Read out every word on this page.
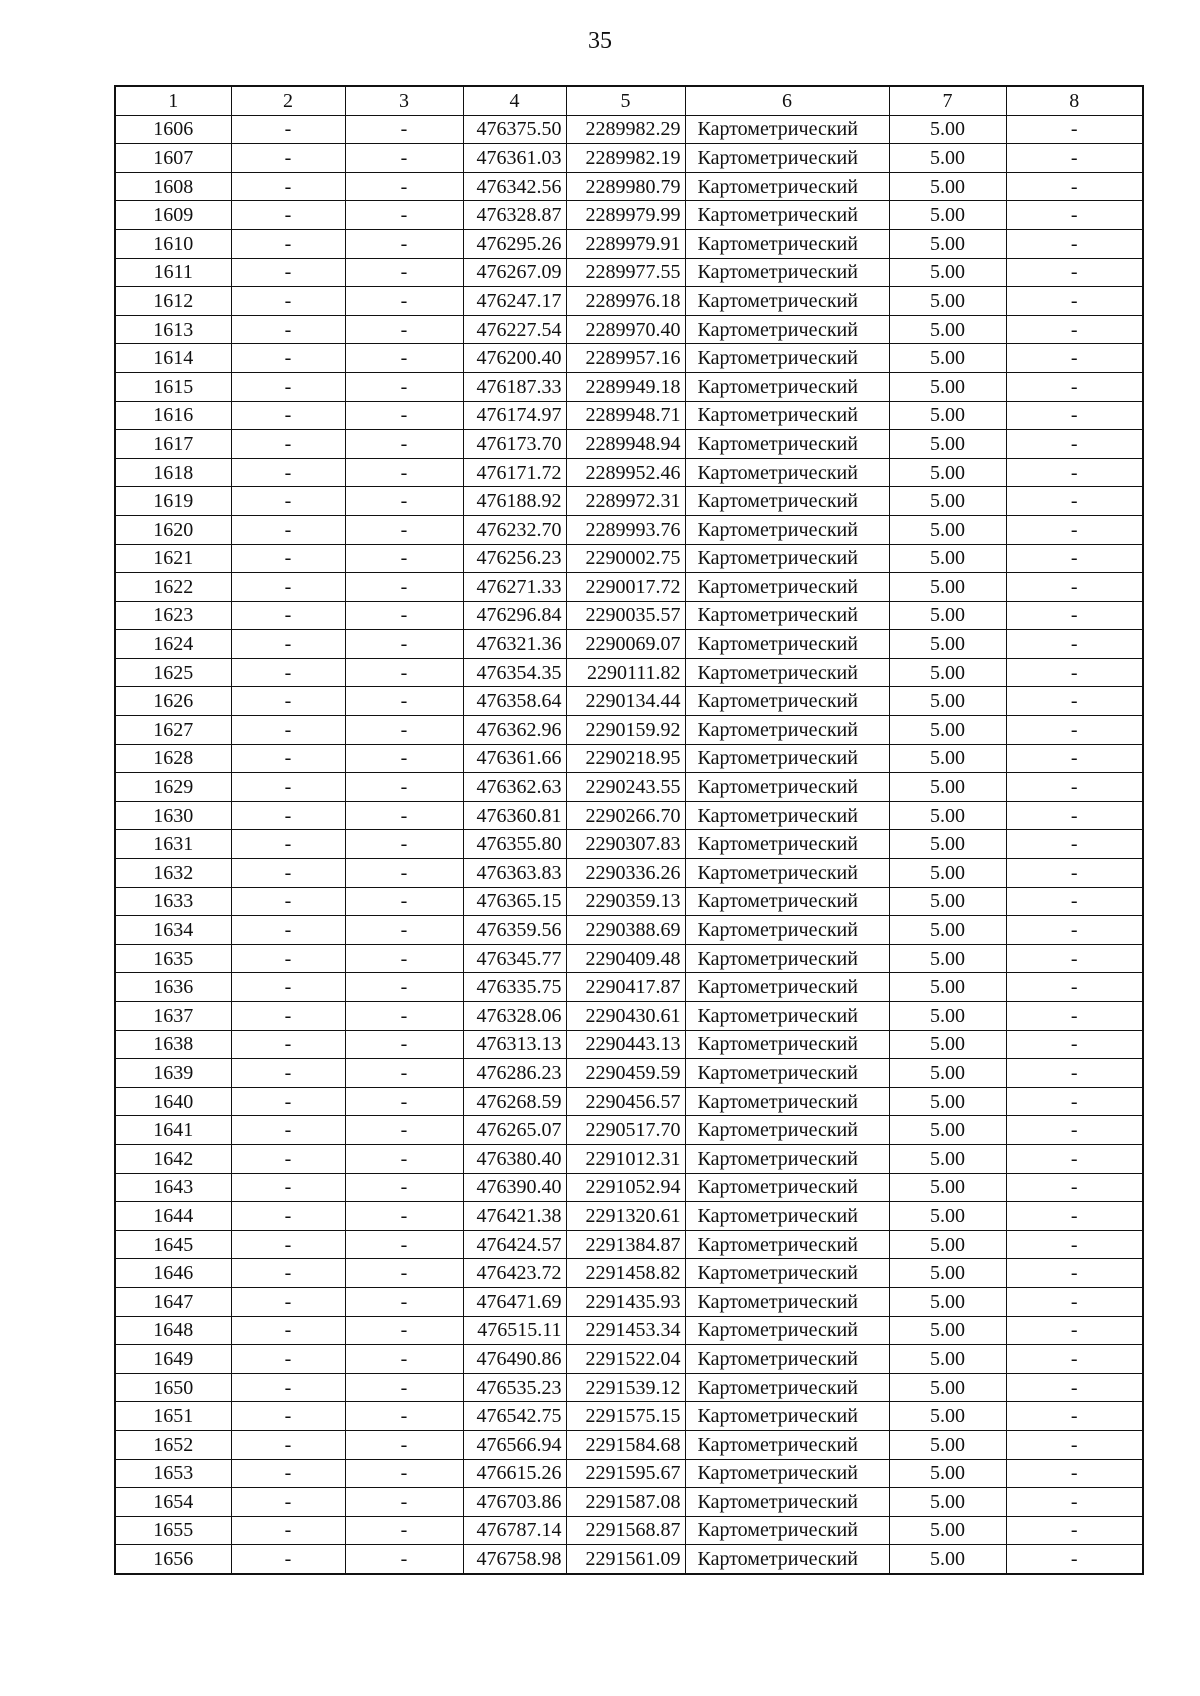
35
1	2	3	4	5	6	7	8
1606	-	-	476375.50	2289982.29	Картометрический	5.00	-
1607	-	-	476361.03	2289982.19	Картометрический	5.00	-
1608	-	-	476342.56	2289980.79	Картометрический	5.00	-
1609	-	-	476328.87	2289979.99	Картометрический	5.00	-
1610	-	-	476295.26	2289979.91	Картометрический	5.00	-
1611	-	-	476267.09	2289977.55	Картометрический	5.00	-
1612	-	-	476247.17	2289976.18	Картометрический	5.00	-
1613	-	-	476227.54	2289970.40	Картометрический	5.00	-
1614	-	-	476200.40	2289957.16	Картометрический	5.00	-
1615	-	-	476187.33	2289949.18	Картометрический	5.00	-
1616	-	-	476174.97	2289948.71	Картометрический	5.00	-
1617	-	-	476173.70	2289948.94	Картометрический	5.00	-
1618	-	-	476171.72	2289952.46	Картометрический	5.00	-
1619	-	-	476188.92	2289972.31	Картометрический	5.00	-
1620	-	-	476232.70	2289993.76	Картометрический	5.00	-
1621	-	-	476256.23	2290002.75	Картометрический	5.00	-
1622	-	-	476271.33	2290017.72	Картометрический	5.00	-
1623	-	-	476296.84	2290035.57	Картометрический	5.00	-
1624	-	-	476321.36	2290069.07	Картометрический	5.00	-
1625	-	-	476354.35	2290111.82	Картометрический	5.00	-
1626	-	-	476358.64	2290134.44	Картометрический	5.00	-
1627	-	-	476362.96	2290159.92	Картометрический	5.00	-
1628	-	-	476361.66	2290218.95	Картометрический	5.00	-
1629	-	-	476362.63	2290243.55	Картометрический	5.00	-
1630	-	-	476360.81	2290266.70	Картометрический	5.00	-
1631	-	-	476355.80	2290307.83	Картометрический	5.00	-
1632	-	-	476363.83	2290336.26	Картометрический	5.00	-
1633	-	-	476365.15	2290359.13	Картометрический	5.00	-
1634	-	-	476359.56	2290388.69	Картометрический	5.00	-
1635	-	-	476345.77	2290409.48	Картометрический	5.00	-
1636	-	-	476335.75	2290417.87	Картометрический	5.00	-
1637	-	-	476328.06	2290430.61	Картометрический	5.00	-
1638	-	-	476313.13	2290443.13	Картометрический	5.00	-
1639	-	-	476286.23	2290459.59	Картометрический	5.00	-
1640	-	-	476268.59	2290456.57	Картометрический	5.00	-
1641	-	-	476265.07	2290517.70	Картометрический	5.00	-
1642	-	-	476380.40	2291012.31	Картометрический	5.00	-
1643	-	-	476390.40	2291052.94	Картометрический	5.00	-
1644	-	-	476421.38	2291320.61	Картометрический	5.00	-
1645	-	-	476424.57	2291384.87	Картометрический	5.00	-
1646	-	-	476423.72	2291458.82	Картометрический	5.00	-
1647	-	-	476471.69	2291435.93	Картометрический	5.00	-
1648	-	-	476515.11	2291453.34	Картометрический	5.00	-
1649	-	-	476490.86	2291522.04	Картометрический	5.00	-
1650	-	-	476535.23	2291539.12	Картометрический	5.00	-
1651	-	-	476542.75	2291575.15	Картометрический	5.00	-
1652	-	-	476566.94	2291584.68	Картометрический	5.00	-
1653	-	-	476615.26	2291595.67	Картометрический	5.00	-
1654	-	-	476703.86	2291587.08	Картометрический	5.00	-
1655	-	-	476787.14	2291568.87	Картометрический	5.00	-
1656	-	-	476758.98	2291561.09	Картометрический	5.00	-
